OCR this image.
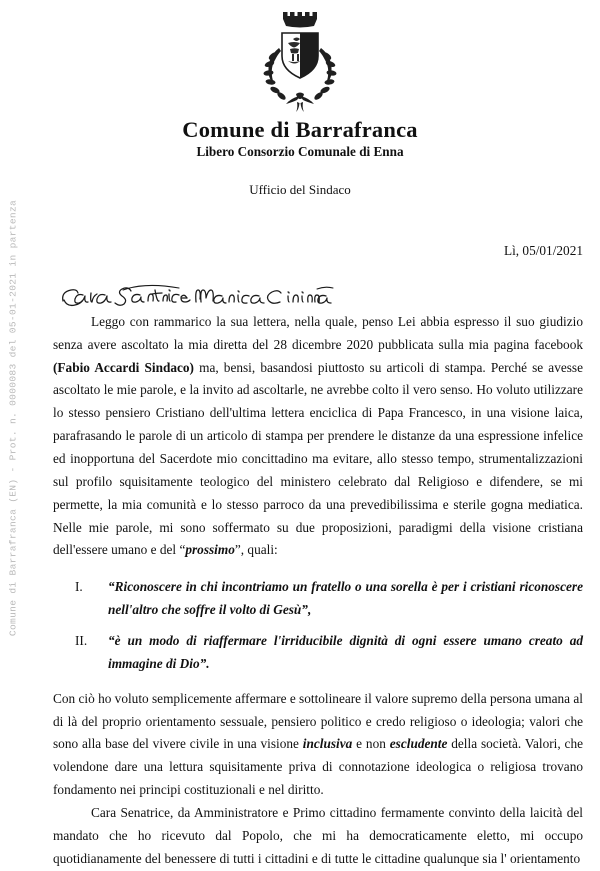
Comune di Barrafranca (EN) - Prot. n. 0000083 del 05-01-2021 in partenza
Comune di Barrafranca
Libero Consorzio Comunale di Enna
Ufficio del Sindaco
Lì, 05/01/2021

Leggo con rammarico la sua lettera, nella quale, penso Lei abbia espresso il suo giudizio senza avere ascoltato la mia diretta del 28 dicembre 2020 pubblicata sulla mia pagina facebook (Fabio Accardi Sindaco) ma, bensi, basandosi piuttosto su articoli di stampa. Perché se avesse ascoltato le mie parole, e la invito ad ascoltarle, ne avrebbe colto il vero senso. Ho voluto utilizzare lo stesso pensiero Cristiano dell'ultima lettera enciclica di Papa Francesco, in una visione laica, parafrasando le parole di un articolo di stampa per prendere le distanze da una espressione infelice ed inopportuna del Sacerdote mio concittadino ma evitare, allo stesso tempo, strumentalizzazioni sul profilo squisitamente teologico del ministero celebrato dal Religioso e difendere, se mi permette, la mia comunità e lo stesso parroco da una prevedibilissima e sterile gogna mediatica. Nelle mie parole, mi sono soffermato su due proposizioni, paradigmi della visione cristiana dell'essere umano e del “prossimo”, quali:

I. “Riconoscere in chi incontriamo un fratello o una sorella è per i cristiani riconoscere nell'altro che soffre il volto di Gesù”,
II. “è un modo di riaffermare l'irriducibile dignità di ogni essere umano creato ad immagine di Dio”.

Con ciò ho voluto semplicemente affermare e sottolineare il valore supremo della persona umana al di là del proprio orientamento sessuale, pensiero politico e credo religioso o ideologia; valori che sono alla base del vivere civile in una visione inclusiva e non escludente della società. Valori, che volendone dare una lettura squisitamente priva di connotazione ideologica o religiosa trovano fondamento nei principi costituzionali e nel diritto.

Cara Senatrice, da Amministratore e Primo cittadino fermamente convinto della laicità del mandato che ho ricevuto dal Popolo, che mi ha democraticamente eletto, mi occupo quotidianamente del benessere di tutti i cittadini e di tutte le cittadine qualunque sia l' orientamento
